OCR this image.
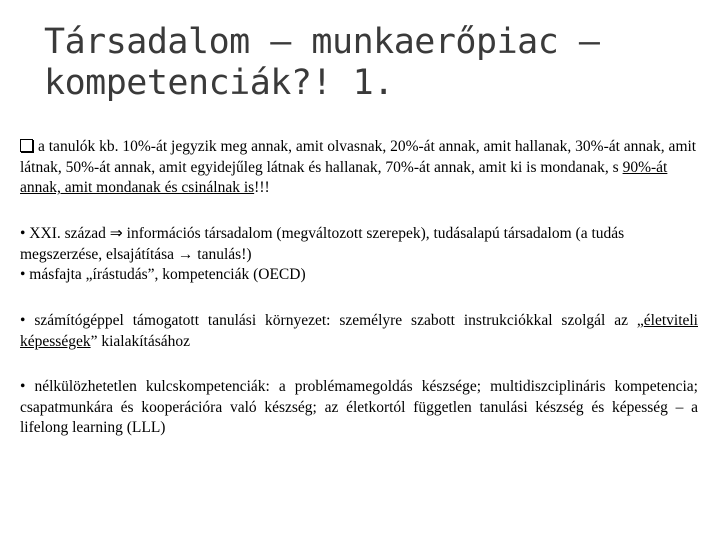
Társadalom – munkaerőpiac –
kompetenciák?! 1.

a tanulók kb. 10%-át jegyzik meg annak, amit olvasnak, 20%-át annak, amit hallanak, 30%-át annak, amit látnak, 50%-át annak, amit egyidejűleg látnak és hallanak, 70%-át annak, amit ki is mondanak, s 90%-át annak, amit mondanak és csinálnak is!!!

• XXI. század ⇒ információs társadalom (megváltozott szerepek), tudásalapú társadalom (a tudás megszerzése, elsajátítása → tanulás!)
• másfajta „írástudás”, kompetenciák (OECD)

• számítógéppel támogatott tanulási környezet: személyre szabott instrukciókkal szolgál az „életviteli képességek” kialakításához

• nélkülözhetetlen kulcskompetenciák: a problémamegoldás készsége; multidiszciplináris kompetencia; csapatmunkára és kooperációra való készség; az életkortól független tanulási készség és képesség – a lifelong learning (LLL)
